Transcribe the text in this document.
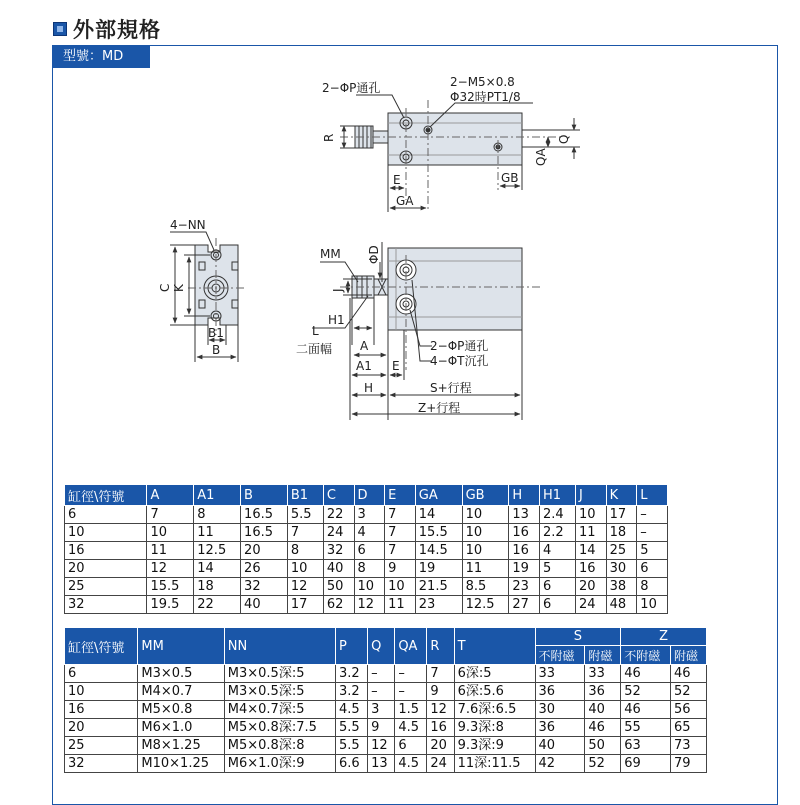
外部規格
型號：MD
2−ΦP通孔	2−M5×0.8
Φ32時PT1/8
R	Q
QA
E	GB
GA
4−NN
C K
B1
B
MM ΦD
J
H1
L
二面幅 A
A1 E
H
2−ΦP通孔
4−ΦT沉孔
S+行程
Z+行程
缸徑\符號	A	A1	B	B1	C	D	E	GA	GB	H	H1	J	K	L
6	7	8	16.5	5.5	22	3	7	14	10	13	2.4	10	17	–
10	10	11	16.5	7	24	4	7	15.5	10	16	2.2	11	18	–
16	11	12.5	20	8	32	6	7	14.5	10	16	4	14	25	5
20	12	14	26	10	40	8	9	19	11	19	5	16	30	6
25	15.5	18	32	12	50	10	10	21.5	8.5	23	6	20	38	8
32	19.5	22	40	17	62	12	11	23	12.5	27	6	24	48	10
缸徑\符號	MM	NN	P	Q	QA	R	T	S		Z	
								不附磁	附磁	不附磁	附磁
6	M3×0.5	M3×0.5深:5	3.2	–	–	7	6深:5	33	33	46	46
10	M4×0.7	M3×0.5深:5	3.2	–	–	9	6深:5.6	36	36	52	52
16	M5×0.8	M4×0.7深:5	4.5	3	1.5	12	7.6深:6.5	30	40	46	56
20	M6×1.0	M5×0.8深:7.5	5.5	9	4.5	16	9.3深:8	36	46	55	65
25	M8×1.25	M5×0.8深:8	5.5	12	6	20	9.3深:9	40	50	63	73
32	M10×1.25	M6×1.0深:9	6.6	13	4.5	24	11深:11.5	42	52	69	79
